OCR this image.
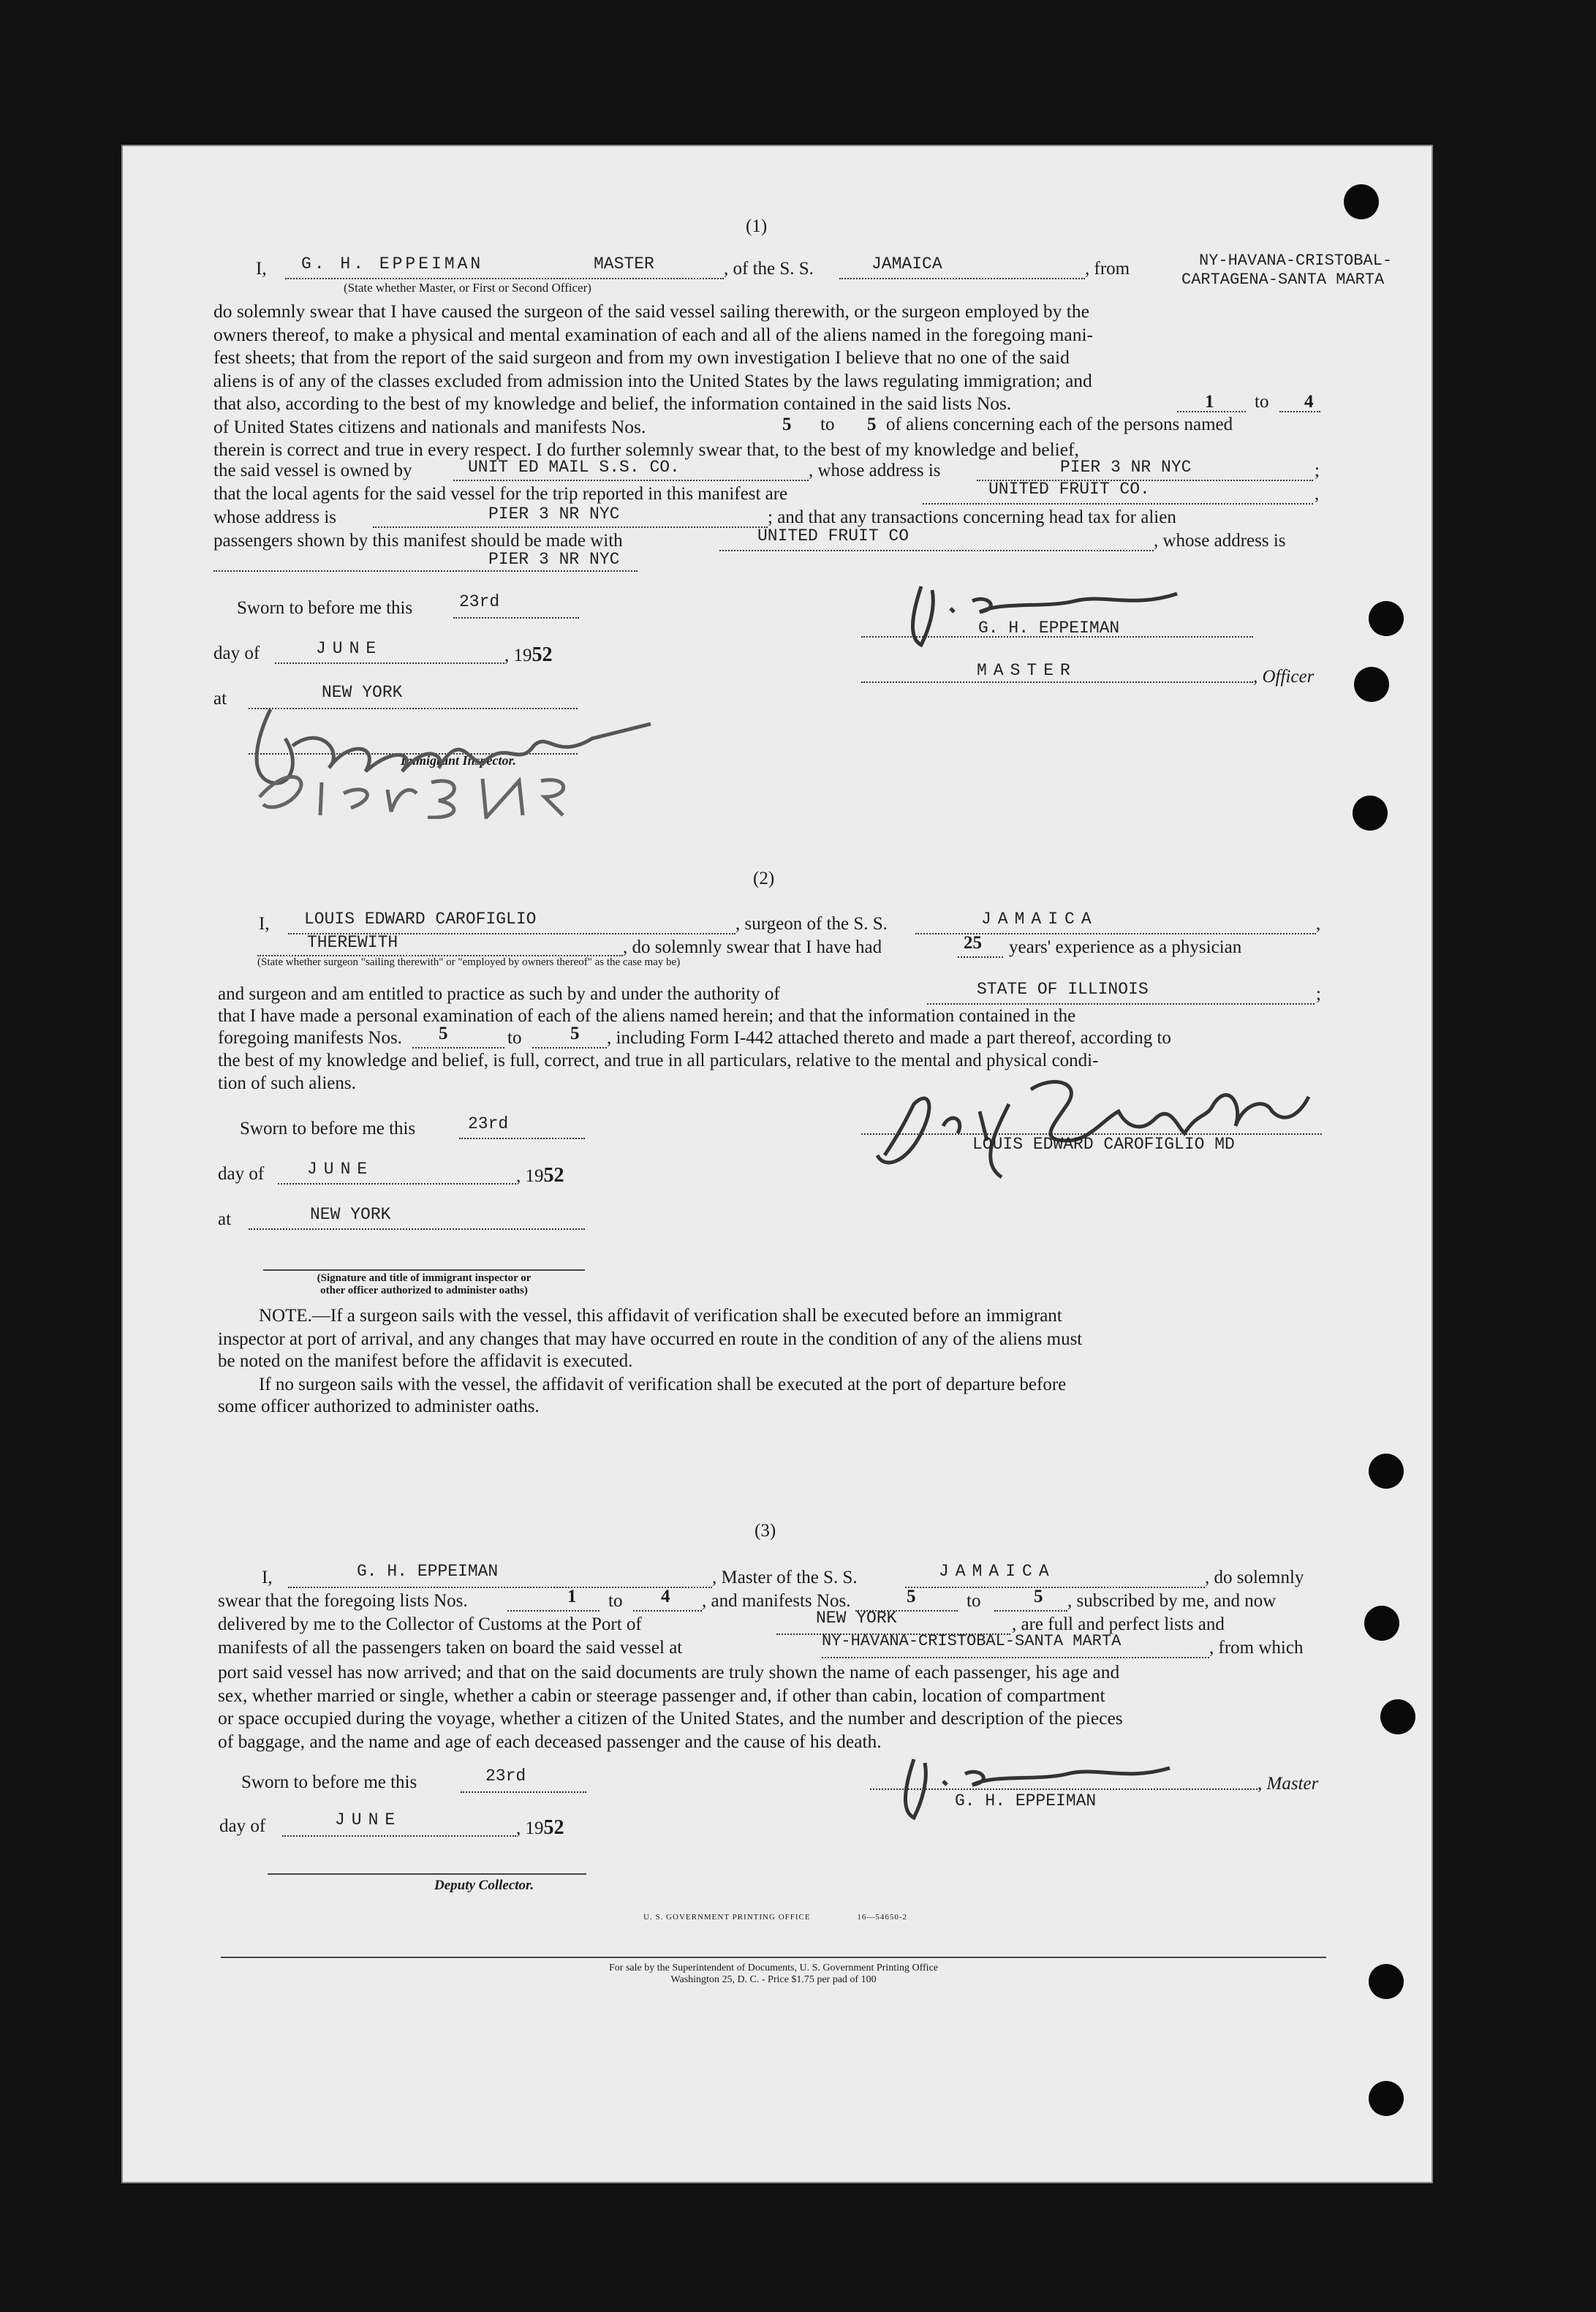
(1)
I, G. H. EPPEIMAN	MASTER	, of the S. S.	JAMAICA	, from	NY-HAVANA-CRISTOBAL-
CARTAGENA-SANTA MARTA
(State whether Master, or First or Second Officer)
do solemnly swear that I have caused the surgeon of the said vessel sailing therewith, or the surgeon employed by the
owners thereof, to make a physical and mental examination of each and all of the aliens named in the foregoing mani-
fest sheets; that from the report of the said surgeon and from my own investigation I believe that no one of the said
aliens is of any of the classes excluded from admission into the United States by the laws regulating immigration; and
that also, according to the best of my knowledge and belief, the information contained in the said lists Nos.
of United States citizens and nationals and manifests Nos.
therein is correct and true in every respect. I do further solemnly swear that, to the best of my knowledge and belief,
1 to 4
5 to 5 of aliens concerning each of the persons named
the said vessel is owned by	UNIT ED MAIL S.S. CO.	, whose address is	PIER 3 NR NYC	;
that the local agents for the said vessel for the trip reported in this manifest are	UNITED FRUIT CO.	,
whose address is	PIER 3 NR NYC	; and that any transactions concerning head tax for alien
passengers shown by this manifest should be made with	UNITED FRUIT CO	, whose address is
PIER 3 NR NYC
Sworn to before me this	23rd
day of	JUNE	, 1952
at	NEW YORK
Immigrant Inspector.
G. H. EPPEIMAN
MASTER	, Officer
(2)
I, LOUIS EDWARD CAROFIGLIO	, surgeon of the S. S.	JAMAICA	,
THEREWITH	, do solemnly swear that I have had	25 years' experience as a physician
(State whether surgeon "sailing therewith" or "employed by owners thereof" as the case may be)
and surgeon and am entitled to practice as such by and under the authority of	STATE OF ILLINOIS	;
that I have made a personal examination of each of the aliens named herein; and that the information contained in the
foregoing manifests Nos. 5	to	5 , including Form I-442 attached thereto and made a part thereof, according to
the best of my knowledge and belief, is full, correct, and true in all particulars, relative to the mental and physical condi-
tion of such aliens.
Sworn to before me this	23rd
day of	JUNE	, 1952
at	NEW YORK
(Signature and title of immigrant inspector or
other officer authorized to administer oaths)
LOUIS EDWARD CAROFIGLIO MD
NOTE.—If a surgeon sails with the vessel, this affidavit of verification shall be executed before an immigrant
inspector at port of arrival, and any changes that may have occurred en route in the condition of any of the aliens must
be noted on the manifest before the affidavit is executed.
If no surgeon sails with the vessel, the affidavit of verification shall be executed at the port of departure before
some officer authorized to administer oaths.
(3)
I,	G. H. EPPEIMAN	, Master of the S. S.	JAMAICA	, do solemnly
swear that the foregoing lists Nos.	1 to 4 , and manifests Nos.	5	to	5 , subscribed by me, and now
delivered by me to the Collector of Customs at the Port of	NEW YORK	, are full and perfect lists and
manifests of all the passengers taken on board the said vessel at	NY-HAVANA-CRISTOBAL-SANTA MARTA	, from which
port said vessel has now arrived; and that on the said documents are truly shown the name of each passenger, his age and
sex, whether married or single, whether a cabin or steerage passenger and, if other than cabin, location of compartment
or space occupied during the voyage, whether a citizen of the United States, and the number and description of the pieces
of baggage, and the name and age of each deceased passenger and the cause of his death.
Sworn to before me this	23rd
day of	JUNE	, 1952
Deputy Collector.
G. H. EPPEIMAN
, Master
U. S. GOVERNMENT PRINTING OFFICE	16—54650-2
For sale by the Superintendent of Documents, U. S. Government Printing Office
Washington 25, D. C. - Price $1.75 per pad of 100
